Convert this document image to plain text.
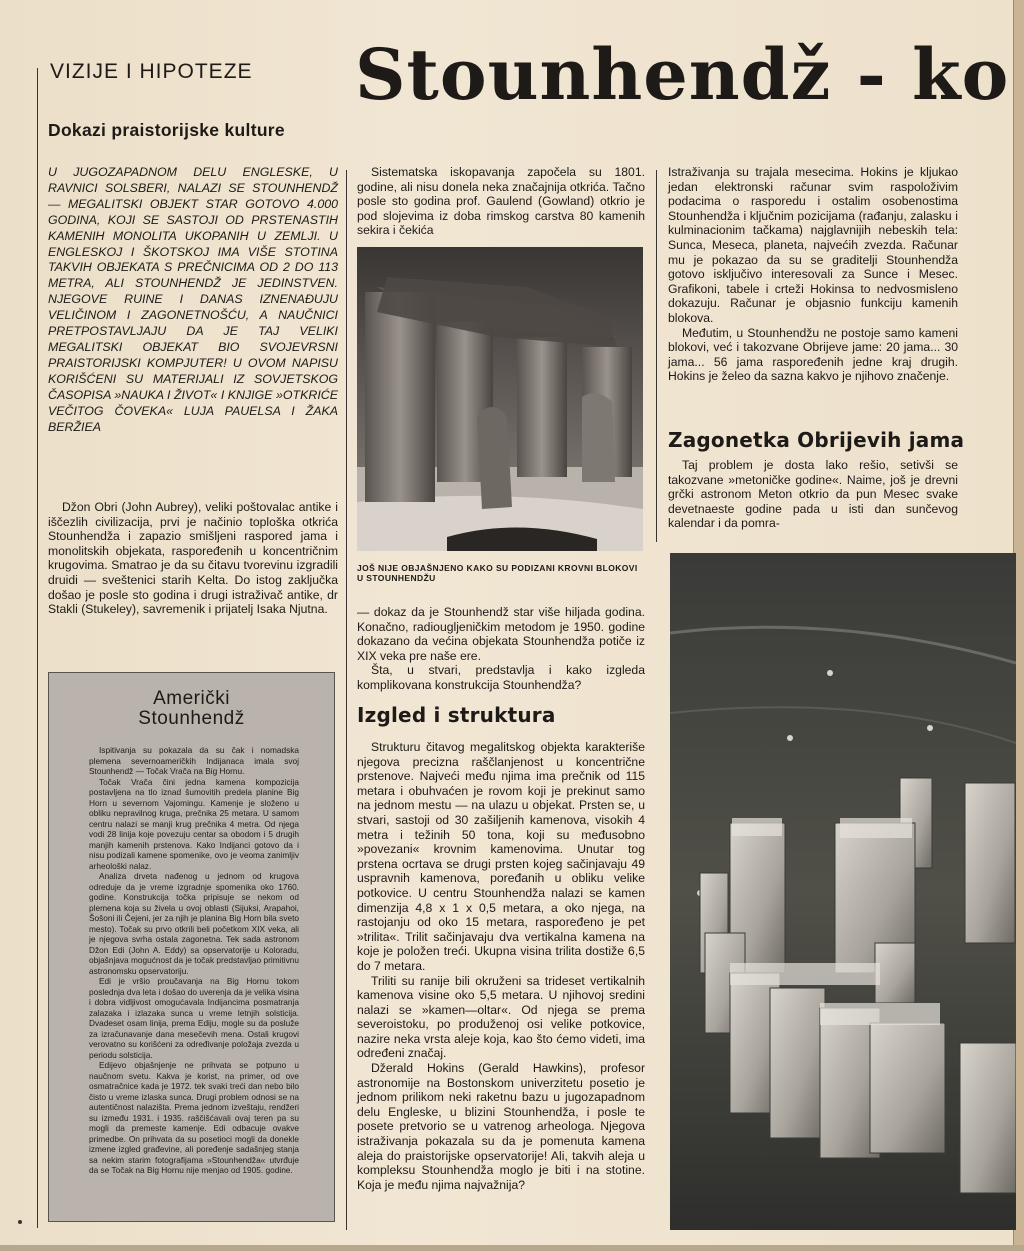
VIZIJE I HIPOTEZE Stounhendž - ko
Dokazi praistorijske kulture
U JUGOZAPADNOM DELU ENGLESKE, U RAVNICI SOLSBERI, NALAZI SE STOUNHENDŽ — MEGALITSKI OBJEKT STAR GOTOVO 4.000 GODINA, KOJI SE SASTOJI OD PRSTENASTIH KAMENIH MONOLITA UKOPANIH U ZEMLJI. U ENGLESKOJ I ŠKOTSKOJ IMA VIŠE STOTINA TAKVIH OBJEKATA S PREČNICIMA OD 2 DO 113 METRA, ALI STOUNHENDŽ JE JEDINSTVEN. NJEGOVE RUINE I DANAS IZNENAĐUJU VELIČINOM I ZAGONETNOŠĆU, A NAUČNICI PRETPOSTAVLJAJU DA JE TAJ VELIKI MEGALITSKI OBJEKAT BIO SVOJEVRSNI PRAISTORIJSKI KOMPJUTER! U OVOM NAPISU KORIŠĆENI SU MATERIJALI IZ SOVJETSKOG ČASOPISA »NAUKA I ŽIVOT« I KNJIGE »OTKRIĆE VEČITOG ČOVEKA« LUJA PAUELSA I ŽAKA BERŽIEA

Džon Obri (John Aubrey), veliki poštovalac antike i iščezlih civilizacija, prvi je načinio toplоška otkrića Stounhendža i zapazio smišljeni raspored jama i monolitskih objekata, raspoređenih u koncentričnim krugovima. Smatrao je da su čitavu tvorevinu izgradili druidi — sveštenici starih Kelta. Do istog zaključka došao je posle sto godina i drugi istraživač antike, dr Stakli (Stukeley), savremenik i prijatelj Isaka Njutna.

Američki
Stounhendž

Ispitivanja su pokazala da su čak i nomadska plemena severnoameričkih Indijanaca imala svoj Stounhendž — Točak Vrača na Big Hornu.

Točak Vrača čini jedna kamena kompozicija postavljena na tlo iznad šumovitih predela planine Big Horn u severnom Vajomingu. Kamenje je složeno u obliku nepravilnog kruga, prečnika 25 metara. U samom centru nalazi se manji krug prečnika 4 metra. Od njega vodi 28 linija koje povezuju centar sa obodom i 5 drugih manjih kamenih prstenova. Kako Indijanci gotovo da i nisu podizali kamene spomenike, ovo je veoma zanimljiv arheološki nalaz.

Analiza drveta nađenog u jednom od krugova odreduje da je vreme izgradnje spomenika oko 1760. godine. Konstrukcija točka pripisuje se nekom od plemena koja su živela u ovoj oblasti (Sijuksi, Arapahoi, Šošoni ili Čejeni, jer za njih je planina Big Horn bila sveto mesto). Točak su prvo otkrili beli početkom XIX veka, ali je njegova svrha ostala zagonetna. Tek sada astronom Džon Edi (John A. Eddy) sa opservatorije u Koloradu, objašnjava mogućnost da je točak predstavljao primitivnu astronomsku opservatoriju.

Edi je vršio proučavanja na Big Hornu tokom poslednja dva leta i došao do uverenja da je velika visina i dobra vidljivost omogućavala Indijancima posmatranja zalazaka i izlazaka sunca u vreme letnjih solsticija. Dvadeset osam linija, prema Ediju, mogle su da posluže za izračunavanje dana mesečevih mena. Ostali krugovi verovatno su korišćeni za određivanje položaja zvezda u periodu solsticija.

Edijevo objašnjenje ne prihvata se potpuno u naučnom svetu. Kakva je korist, na primer, od ove osmatračnice kada je 1972. tek svaki treći dan nebo bilo čisto u vreme izlaska sunca. Drugi problem odnosi se na autentičnost nalazišta. Prema jednom izveštaju, rendžeri su između 1931. i 1935. raščišćavali ovaj teren pa su mogli da premeste kamenje. Edi odbacuje ovakve primedbe. On prihvata da su posetioci mogli da donekle izmene izgled građevine, ali poređenje sadašnjeg stanja sa nekim starim fotografijama »Stounhendža« utvrđuje da se Točak na Big Hornu nije menjao od 1905. godine.

Sistematska iskopavanja započela su 1801. godine, ali nisu donela neka značajnija otkrića. Tačno posle sto godina prof. Gaulend (Gowland) otkrio je pod slojevima iz doba rimskog carstva 80 kamenih sekira i čekića

JOŠ NIJE OBJAŠNJENO KAKO SU PODIZANI KROVNI BLOKOVI U STOUNHENDŽU

— dokaz da je Stounhendž star više hiljada godina. Konačno, radiougljeničkim metodom je 1950. godine dokazano da većina objekata Stounhendža potiče iz XIX veka pre naše ere.

Šta, u stvari, predstavlja i kako izgleda komplikovana konstrukcija Stounhendža?

Izgled i struktura

Strukturu čitavog megalitskog objekta karakteriše njegova precizna raščlanjenost u koncentrične prstenove. Najveći među njima ima prečnik od 115 metara i obuhvaćen je rovom koji je prekinut samo na jednom mestu — na ulazu u objekat. Prsten se, u stvari, sastoji od 30 zašiljenih kamenova, visokih 4 metra i težinih 50 tona, koji su međusobno »povezani« krovnim kamenovima. Unutar tog prstena ocrtava se drugi prsten kojeg sačinjavaju 49 uspravnih kamenova, poređanih u obliku velike potkovice. U centru Stounhendža nalazi se kamen dimenzija 4,8 x 1 x 0,5 metara, a oko njega, na rastojanju od oko 15 metara, raspoređeno je pet »trilita«. Trilit sačinjavaju dva vertikalna kamena na koje je položen treći. Ukupna visina trilita dostiže 6,5 do 7 metara.

Triliti su ranije bili okruženi sa trideset vertikalnih kamenova visine oko 5,5 metara. U njihovoj sredini nalazi se »kamen—oltar«. Od njega se prema severoistoku, po produženoj osi velike potkovice, nazire neka vrsta aleje koja, kao što ćemo videti, ima određeni značaj.

Džerald Hokins (Gerald Hawkins), profesor astronomije na Bostonskom univerzitetu posetio je jednom prilikom neki raketnu bazu u jugozapadnom delu Engleske, u blizini Stounhendža, i posle te posete pretvorio se u vatrenog arheologa. Njegova istraživanja pokazala su da je pomenuta kamena aleja do praistorijske opservatorije! Ali, takvih aleja u kompleksu Stounhendža moglo je biti i na stotine. Koja je među njima najvažnija?

Istraživanja su trajala mesecima. Hokins je kljukao jedan elektronski računar svim raspoloživim podacima o rasporedu i ostalim osobenostima Stounhendža i ključnim pozicijama (rađanju, zalasku i kulminacionim tačkama) najglavnijih nebeskih tela: Sunca, Meseca, planeta, najvećih zvezda. Računar mu je pokazao da su se graditelji Stounhendža gotovo isključivo interesovali za Sunce i Mesec. Grafikoni, tabele i crteži Hokinsa to nedvosmisleno dokazuju. Računar je objasnio funkciju kamenih blokova.

Međutim, u Stounhendžu ne postoje samo kameni blokovi, već i takozvane Obrijeve jame: 20 jama... 30 jama... 56 jama raspoređenih jedne kraj drugih. Hokins je želeo da sazna kakvo je njihovo značenje.

Zagonetka Obrijevih jama

Taj problem je dosta lako rešio, setivši se takozvane »metoničke godine«. Naime, još je drevni grčki astronom Meton otkrio da pun Mesec svake devetnaeste godine pada u isti dan sunčevog kalendar i da pomra-
